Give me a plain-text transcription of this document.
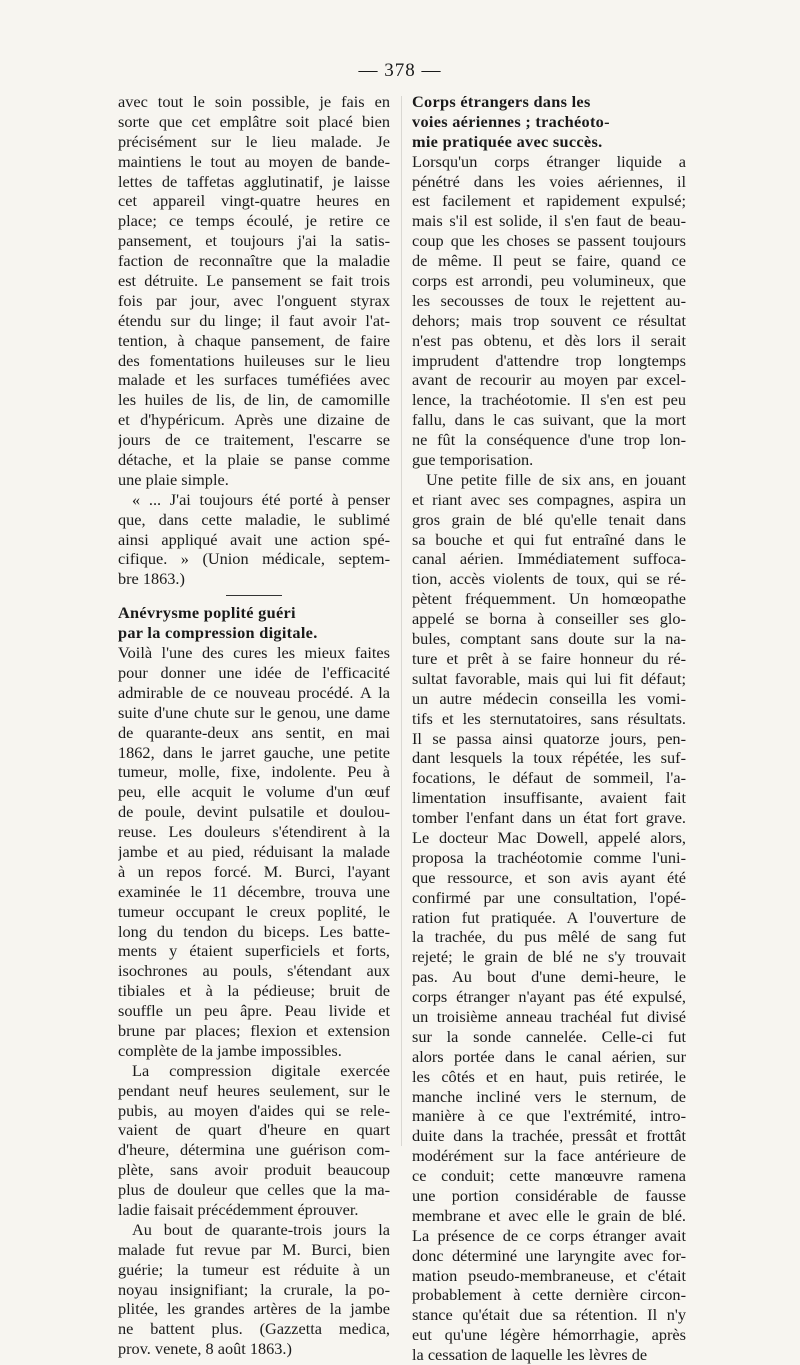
— 378 —
avec tout le soin possible, je fais en
sorte que cet emplâtre soit placé bien
précisément sur le lieu malade. Je
maintiens le tout au moyen de bande-
lettes de taffetas agglutinatif, je laisse
cet appareil vingt-quatre heures en
place; ce temps écoulé, je retire ce
pansement, et toujours j'ai la satis-
faction de reconnaître que la maladie
est détruite. Le pansement se fait trois
fois par jour, avec l'onguent styrax
étendu sur du linge; il faut avoir l'at-
tention, à chaque pansement, de faire
des fomentations huileuses sur le lieu
malade et les surfaces tuméfiées avec
les huiles de lis, de lin, de camomille
et d'hypéricum. Après une dizaine de
jours de ce traitement, l'escarre se
détache, et la plaie se panse comme
une plaie simple.
« ... J'ai toujours été porté à penser
que, dans cette maladie, le sublimé
ainsi appliqué avait une action spé-
cifique. » (Union médicale, septem-
bre 1863.)
Anévrysme poplité guéri
par la compression digitale.
Voilà l'une des cures les mieux faites
pour donner une idée de l'efficacité
admirable de ce nouveau procédé. A la
suite d'une chute sur le genou, une dame
de quarante-deux ans sentit, en mai
1862, dans le jarret gauche, une petite
tumeur, molle, fixe, indolente. Peu à
peu, elle acquit le volume d'un œuf
de poule, devint pulsatile et doulou-
reuse. Les douleurs s'étendirent à la
jambe et au pied, réduisant la malade
à un repos forcé. M. Burci, l'ayant
examinée le 11 décembre, trouva une
tumeur occupant le creux poplité, le
long du tendon du biceps. Les batte-
ments y étaient superficiels et forts,
isochrones au pouls, s'étendant aux
tibiales et à la pédieuse; bruit de
souffle un peu âpre. Peau livide et
brune par places; flexion et extension
complète de la jambe impossibles.
La compression digitale exercée
pendant neuf heures seulement, sur le
pubis, au moyen d'aides qui se rele-
vaient de quart d'heure en quart
d'heure, détermina une guérison com-
plète, sans avoir produit beaucoup
plus de douleur que celles que la ma-
ladie faisait précédemment éprouver.
Au bout de quarante-trois jours la
malade fut revue par M. Burci, bien
guérie; la tumeur est réduite à un
noyau insignifiant; la crurale, la po-
plitée, les grandes artères de la jambe
ne battent plus. (Gazzetta medica,
prov. venete, 8 août 1863.)
Corps étrangers dans les
voies aériennes ; trachéoto-
mie pratiquée avec succès.
Lorsqu'un corps étranger liquide a
pénétré dans les voies aériennes, il
est facilement et rapidement expulsé;
mais s'il est solide, il s'en faut de beau-
coup que les choses se passent toujours
de même. Il peut se faire, quand ce
corps est arrondi, peu volumineux, que
les secousses de toux le rejettent au-
dehors; mais trop souvent ce résultat
n'est pas obtenu, et dès lors il serait
imprudent d'attendre trop longtemps
avant de recourir au moyen par excel-
lence, la trachéotomie. Il s'en est peu
fallu, dans le cas suivant, que la mort
ne fût la conséquence d'une trop lon-
gue temporisation.
Une petite fille de six ans, en jouant
et riant avec ses compagnes, aspira un
gros grain de blé qu'elle tenait dans
sa bouche et qui fut entraîné dans le
canal aérien. Immédiatement suffoca-
tion, accès violents de toux, qui se ré-
pètent fréquemment. Un homœopathe
appelé se borna à conseiller ses glo-
bules, comptant sans doute sur la na-
ture et prêt à se faire honneur du ré-
sultat favorable, mais qui lui fit défaut;
un autre médecin conseilla les vomi-
tifs et les sternutatoires, sans résultats.
Il se passa ainsi quatorze jours, pen-
dant lesquels la toux répétée, les suf-
focations, le défaut de sommeil, l'a-
limentation insuffisante, avaient fait
tomber l'enfant dans un état fort grave.
Le docteur Mac Dowell, appelé alors,
proposa la trachéotomie comme l'uni-
que ressource, et son avis ayant été
confirmé par une consultation, l'opé-
ration fut pratiquée. A l'ouverture de
la trachée, du pus mêlé de sang fut
rejeté; le grain de blé ne s'y trouvait
pas. Au bout d'une demi-heure, le
corps étranger n'ayant pas été expulsé,
un troisième anneau trachéal fut divisé
sur la sonde cannelée. Celle-ci fut
alors portée dans le canal aérien, sur
les côtés et en haut, puis retirée, le
manche incliné vers le sternum, de
manière à ce que l'extrémité, intro-
duite dans la trachée, pressât et frottât
modérément sur la face antérieure de
ce conduit; cette manœuvre ramena
une portion considérable de fausse
membrane et avec elle le grain de blé.
La présence de ce corps étranger avait
donc déterminé une laryngite avec for-
mation pseudo-membraneuse, et c'était
probablement à cette dernière circon-
stance qu'était due sa rétention. Il n'y
eut qu'une légère hémorrhagie, après
la cessation de laquelle les lèvres de
